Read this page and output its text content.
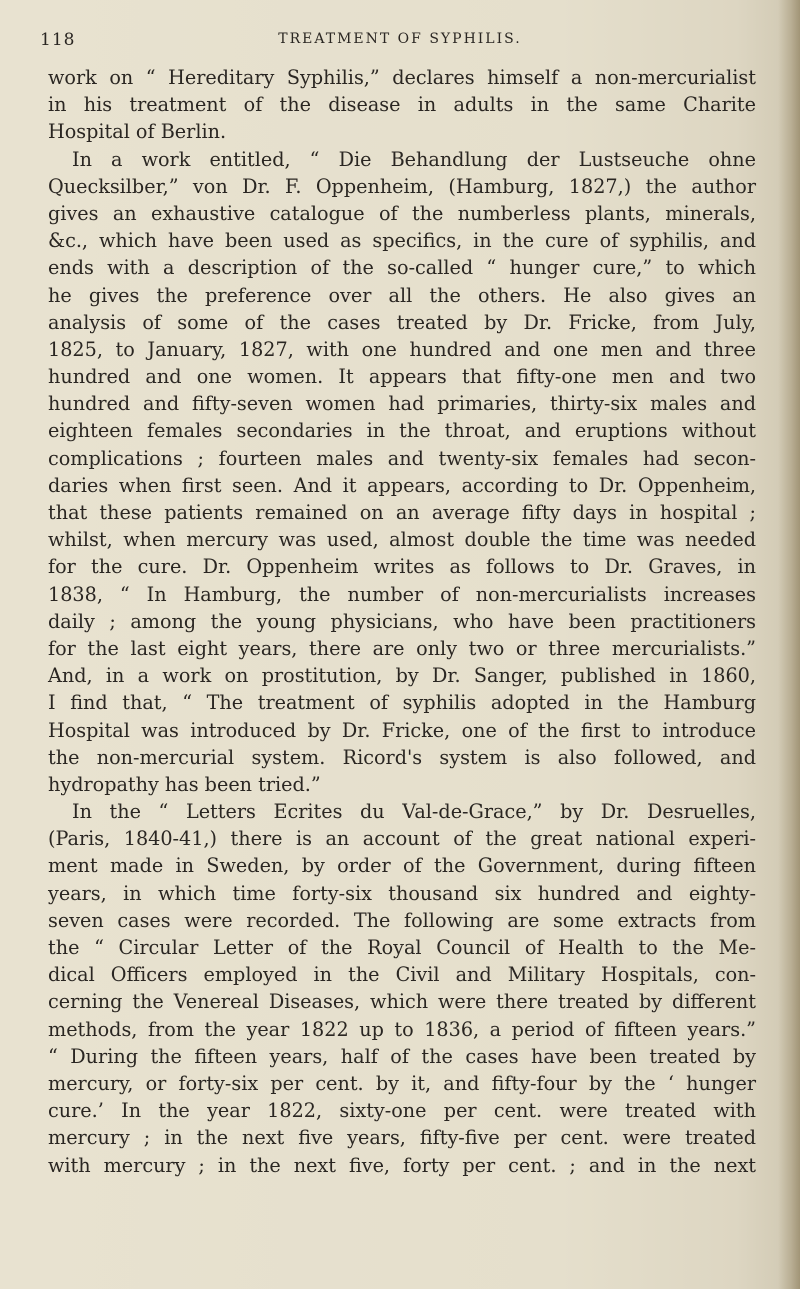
118	TREATMENT OF SYPHILIS.
work on “ Hereditary Syphilis,” declares himself a non-mercurialist
in his treatment of the disease in adults in the same Charite
Hospital of Berlin.
In a work entitled, “ Die Behandlung der Lustseuche ohne
Quecksilber,” von Dr. F. Oppenheim, (Hamburg, 1827,) the author
gives an exhaustive catalogue of the numberless plants, minerals,
&c., which have been used as specifics, in the cure of syphilis, and
ends with a description of the so-called “ hunger cure,” to which
he gives the preference over all the others. He also gives an
analysis of some of the cases treated by Dr. Fricke, from July,
1825, to January, 1827, with one hundred and one men and three
hundred and one women. It appears that fifty-one men and two
hundred and fifty-seven women had primaries, thirty-six males and
eighteen females secondaries in the throat, and eruptions without
complications ; fourteen males and twenty-six females had secon-
daries when first seen. And it appears, according to Dr. Oppenheim,
that these patients remained on an average fifty days in hospital ;
whilst, when mercury was used, almost double the time was needed
for the cure. Dr. Oppenheim writes as follows to Dr. Graves, in
1838, “ In Hamburg, the number of non-mercurialists increases
daily ; among the young physicians, who have been practitioners
for the last eight years, there are only two or three mercurialists.”
And, in a work on prostitution, by Dr. Sanger, published in 1860,
I find that, “ The treatment of syphilis adopted in the Hamburg
Hospital was introduced by Dr. Fricke, one of the first to introduce
the non-mercurial system. Ricord's system is also followed, and
hydropathy has been tried.”
In the “ Letters Ecrites du Val-de-Grace,” by Dr. Desruelles,
(Paris, 1840-41,) there is an account of the great national experi-
ment made in Sweden, by order of the Government, during fifteen
years, in which time forty-six thousand six hundred and eighty-
seven cases were recorded. The following are some extracts from
the “ Circular Letter of the Royal Council of Health to the Me-
dical Officers employed in the Civil and Military Hospitals, con-
cerning the Venereal Diseases, which were there treated by different
methods, from the year 1822 up to 1836, a period of fifteen years.”
“ During the fifteen years, half of the cases have been treated by
mercury, or forty-six per cent. by it, and fifty-four by the ‘ hunger
cure.’ In the year 1822, sixty-one per cent. were treated with
mercury ; in the next five years, fifty-five per cent. were treated
with mercury ; in the next five, forty per cent. ; and in the next
